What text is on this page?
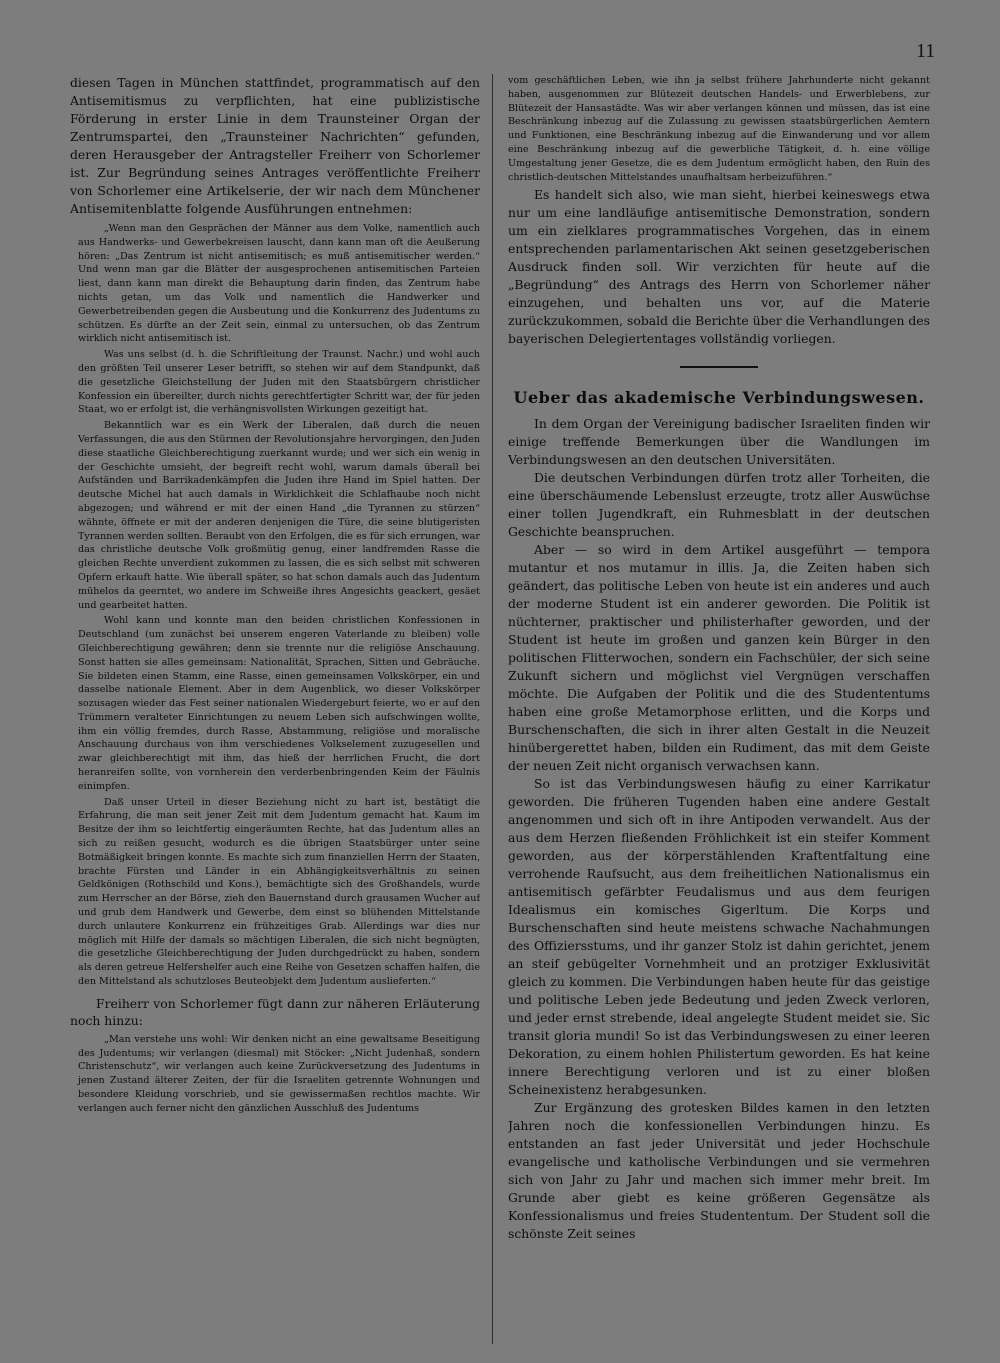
11

diesen Tagen in München stattfindet, programmatisch auf den Antisemitismus zu verpflichten, hat eine publizistische Förderung in erster Linie in dem Traunsteiner Organ der Zentrumspartei, den „Traunsteiner Nachrichten“ gefunden, deren Herausgeber der Antragsteller Freiherr von Schorlemer ist. Zur Begründung seines Antrages veröffentlichte Freiherr von Schorlemer eine Artikelserie, der wir nach dem Münchener Antisemitenblatte folgende Ausführungen entnehmen:

„Wenn man den Gesprächen der Männer aus dem Volke, namentlich auch aus Handwerks- und Gewerbekreisen lauscht, dann kann man oft die Aeußerung hören: „Das Zentrum ist nicht antisemitisch; es muß antisemitischer werden.“ Und wenn man gar die Blätter der ausgesprochenen antisemitischen Parteien liest, dann kann man direkt die Behauptung darin finden, das Zentrum habe nichts getan, um das Volk und namentlich die Handwerker und Gewerbetreibenden gegen die Ausbeutung und die Konkurrenz des Judentums zu schützen. Es dürfte an der Zeit sein, einmal zu untersuchen, ob das Zentrum wirklich nicht antisemitisch ist.

Was uns selbst (d. h. die Schriftleitung der Traunst. Nachr.) und wohl auch den größten Teil unserer Leser betrifft, so stehen wir auf dem Standpunkt, daß die gesetzliche Gleichstellung der Juden mit den Staatsbürgern christlicher Konfession ein übereilter, durch nichts gerechtfertigter Schritt war, der für jeden Staat, wo er erfolgt ist, die verhängnisvollsten Wirkungen gezeitigt hat.

Bekanntlich war es ein Werk der Liberalen, daß durch die neuen Verfassungen, die aus den Stürmen der Revolutionsjahre hervorgingen, den Juden diese staatliche Gleichberechtigung zuerkannt wurde; und wer sich ein wenig in der Geschichte umsieht, der begreift recht wohl, warum damals überall bei Aufständen und Barrikadenkämpfen die Juden ihre Hand im Spiel hatten. Der deutsche Michel hat auch damals in Wirklichkeit die Schlafhaube noch nicht abgezogen; und während er mit der einen Hand „die Tyrannen zu stürzen“ wähnte, öffnete er mit der anderen denjenigen die Türe, die seine blutigeristen Tyrannen werden sollten. Beraubt von den Erfolgen, die es für sich errungen, war das christliche deutsche Volk großmütig genug, einer landfremden Rasse die gleichen Rechte unverdient zukommen zu lassen, die es sich selbst mit schweren Opfern erkauft hatte. Wie überall später, so hat schon damals auch das Judentum mühelos da geerntet, wo andere im Schweiße ihres Angesichts geackert, gesäet und gearbeitet hatten.

Wohl kann und konnte man den beiden christlichen Konfessionen in Deutschland (um zunächst bei unserem engeren Vaterlande zu bleiben) volle Gleichberechtigung gewähren; denn sie trennte nur die religiöse Anschauung. Sonst hatten sie alles gemeinsam: Nationalität, Sprachen, Sitten und Gebräuche. Sie bildeten einen Stamm, eine Rasse, einen gemeinsamen Volkskörper, ein und dasselbe nationale Element. Aber in dem Augenblick, wo dieser Volkskörper sozusagen wieder das Fest seiner nationalen Wiedergeburt feierte, wo er auf den Trümmern veralteter Einrichtungen zu neuem Leben sich aufschwingen wollte, ihm ein völlig fremdes, durch Rasse, Abstammung, religiöse und moralische Anschauung durchaus von ihm verschiedenes Volkselement zuzugesellen und zwar gleichberechtigt mit ihm, das hieß der herrlichen Frucht, die dort heranreifen sollte, von vornherein den verderbenbringenden Keim der Fäulnis einimpfen.

Daß unser Urteil in dieser Beziehung nicht zu hart ist, bestätigt die Erfahrung, die man seit jener Zeit mit dem Judentum gemacht hat. Kaum im Besitze der ihm so leichtfertig eingeräumten Rechte, hat das Judentum alles an sich zu reißen gesucht, wodurch es die übrigen Staatsbürger unter seine Botmäßigkeit bringen konnte. Es machte sich zum finanziellen Herrn der Staaten, brachte Fürsten und Länder in ein Abhängigkeitsverhältnis zu seinen Geldkönigen (Rothschild und Kons.), bemächtigte sich des Großhandels, wurde zum Herrscher an der Börse, zieh den Bauernstand durch grausamen Wucher auf und grub dem Handwerk und Gewerbe, dem einst so blühenden Mittelstande durch unlautere Konkurrenz ein frühzeitiges Grab. Allerdings war dies nur möglich mit Hilfe der damals so mächtigen Liberalen, die sich nicht begnügten, die gesetzliche Gleichberechtigung der Juden durchgedrückt zu haben, sondern als deren getreue Helfershelfer auch eine Reihe von Gesetzen schaffen halfen, die den Mittelstand als schutzloses Beuteobjekt dem Judentum auslieferten.“

Freiherr von Schorlemer fügt dann zur näheren Erläuterung noch hinzu:

„Man verstehe uns wohl: Wir denken nicht an eine gewaltsame Beseitigung des Judentums; wir verlangen (diesmal) mit Stöcker: „Nicht Judenhaß, sondern Christenschutz“, wir verlangen auch keine Zurückversetzung des Judentums in jenen Zustand älterer Zeiten, der für die Israeliten getrennte Wohnungen und besondere Kleidung vorschrieb, und sie gewissermaßen rechtlos machte. Wir verlangen auch ferner nicht den gänzlichen Ausschluß des Judentums

vom geschäftlichen Leben, wie ihn ja selbst frühere Jahrhunderte nicht gekannt haben, ausgenommen zur Blütezeit deutschen Handels- und Erwerblebens, zur Blütezeit der Hansastädte. Was wir aber verlangen können und müssen, das ist eine Beschränkung inbezug auf die Zulassung zu gewissen staatsbürgerlichen Aemtern und Funktionen, eine Beschränkung inbezug auf die Einwanderung und vor allem eine Beschränkung inbezug auf die gewerbliche Tätigkeit, d. h. eine völlige Umgestaltung jener Gesetze, die es dem Judentum ermöglicht haben, den Ruin des christlich-deutschen Mittelstandes unaufhaltsam herbeizuführen.“

Es handelt sich also, wie man sieht, hierbei keineswegs etwa nur um eine landläufige antisemitische Demonstration, sondern um ein zielklares programmatisches Vorgehen, das in einem entsprechenden parlamentarischen Akt seinen gesetzgeberischen Ausdruck finden soll. Wir verzichten für heute auf die „Begründung“ des Antrags des Herrn von Schorlemer näher einzugehen, und behalten uns vor, auf die Materie zurückzukommen, sobald die Berichte über die Verhandlungen des bayerischen Delegiertentages vollständig vorliegen.

Ueber das akademische Verbindungswesen.

In dem Organ der Vereinigung badischer Israeliten finden wir einige treffende Bemerkungen über die Wandlungen im Verbindungswesen an den deutschen Universitäten.

Die deutschen Verbindungen dürfen trotz aller Torheiten, die eine überschäumende Lebenslust erzeugte, trotz aller Auswüchse einer tollen Jugendkraft, ein Ruhmesblatt in der deutschen Geschichte beanspruchen.

Aber — so wird in dem Artikel ausgeführt — tempora mutantur et nos mutamur in illis. Ja, die Zeiten haben sich geändert, das politische Leben von heute ist ein anderes und auch der moderne Student ist ein anderer geworden. Die Politik ist nüchterner, praktischer und philisterhafter geworden, und der Student ist heute im großen und ganzen kein Bürger in den politischen Flitterwochen, sondern ein Fachschüler, der sich seine Zukunft sichern und möglichst viel Vergnügen verschaffen möchte. Die Aufgaben der Politik und die des Studententums haben eine große Metamorphose erlitten, und die Korps und Burschenschaften, die sich in ihrer alten Gestalt in die Neuzeit hinübergerettet haben, bilden ein Rudiment, das mit dem Geiste der neuen Zeit nicht organisch verwachsen kann.

So ist das Verbindungswesen häufig zu einer Karrikatur geworden. Die früheren Tugenden haben eine andere Gestalt angenommen und sich oft in ihre Antipoden verwandelt. Aus der aus dem Herzen fließenden Fröhlichkeit ist ein steifer Komment geworden, aus der körperstählenden Kraftentfaltung eine verrohende Raufsucht, aus dem freiheitlichen Nationalismus ein antisemitisch gefärbter Feudalismus und aus dem feurigen Idealismus ein komisches Gigerltum. Die Korps und Burschenschaften sind heute meistens schwache Nachahmungen des Offiziersstums, und ihr ganzer Stolz ist dahin gerichtet, jenem an steif gebügelter Vornehmheit und an protziger Exklusivität gleich zu kommen. Die Verbindungen haben heute für das geistige und politische Leben jede Bedeutung und jeden Zweck verloren, und jeder ernst strebende, ideal angelegte Student meidet sie. Sic transit gloria mundi! So ist das Verbindungswesen zu einer leeren Dekoration, zu einem hohlen Philistertum geworden. Es hat keine innere Berechtigung verloren und ist zu einer bloßen Scheinexistenz herabgesunken.

Zur Ergänzung des grotesken Bildes kamen in den letzten Jahren noch die konfessionellen Verbindungen hinzu. Es entstanden an fast jeder Universität und jeder Hochschule evangelische und katholische Verbindungen und sie vermehren sich von Jahr zu Jahr und machen sich immer mehr breit. Im Grunde aber giebt es keine größeren Gegensätze als Konfessionalismus und freies Studententum. Der Student soll die schönste Zeit seines
